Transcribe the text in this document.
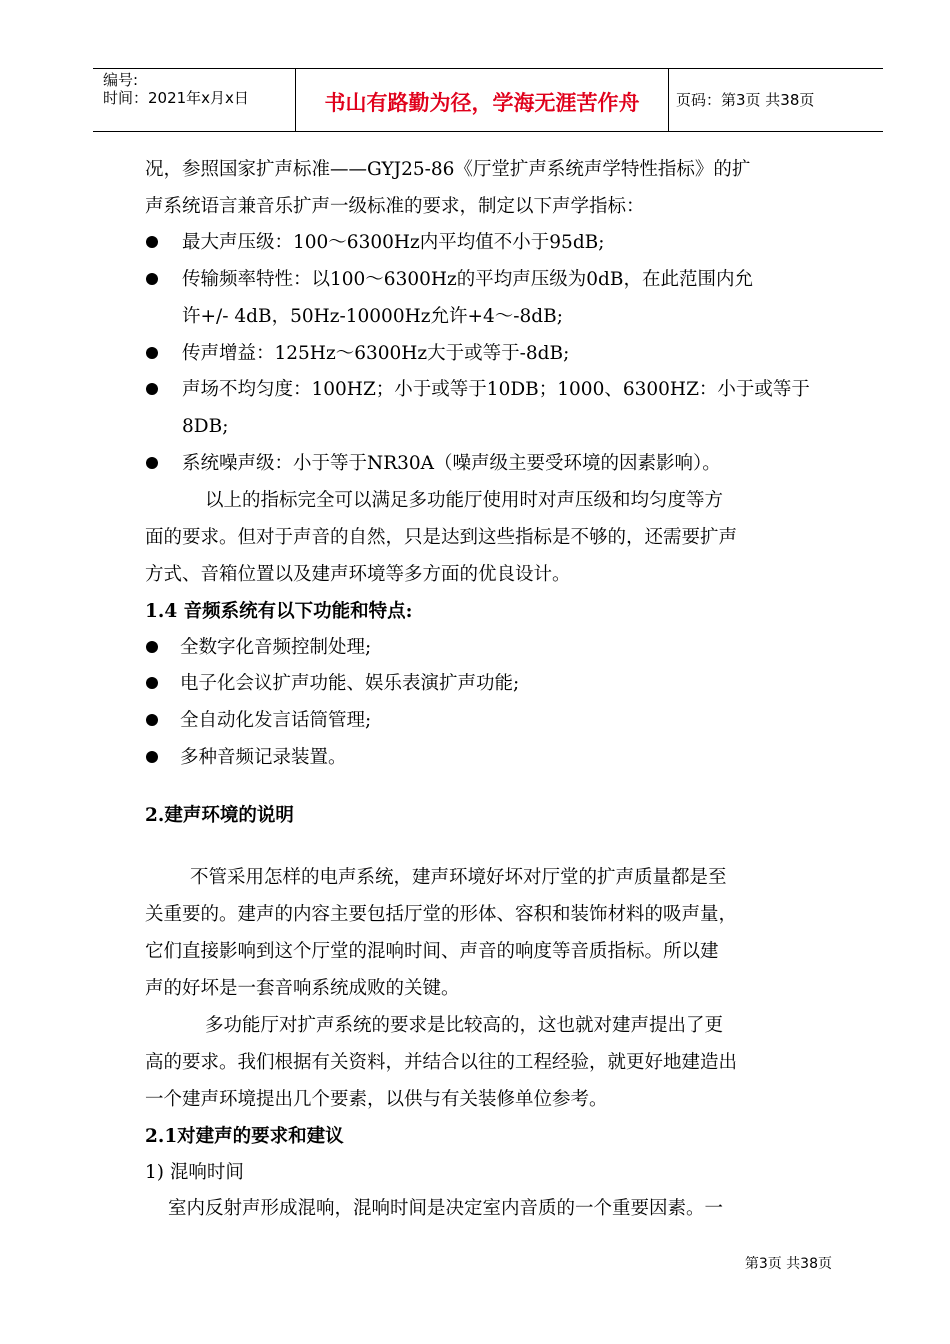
编号:
时间：2021年x月x日	书山有路勤为径，学海无涯苦作舟	页码：第3页 共38页
况，参照国家扩声标准——GYJ25-86《厅堂扩声系统声学特性指标》的扩
声系统语言兼音乐扩声一级标准的要求，制定以下声学指标：
最大声压级：100～6300Hz内平均值不小于95dB;
传输频率特性：以100～6300Hz的平均声压级为0dB，在此范围内允
许+/- 4dB，50Hz-10000Hz允许+4～-8dB;
传声增益：125Hz～6300Hz大于或等于-8dB;
声场不均匀度：100HZ；小于或等于10DB；1000、6300HZ：小于或等于
8DB;
系统噪声级：小于等于NR30A（噪声级主要受环境的因素影响）。
以上的指标完全可以满足多功能厅使用时对声压级和均匀度等方
面的要求。但对于声音的自然，只是达到这些指标是不够的，还需要扩声
方式、音箱位置以及建声环境等多方面的优良设计。
1.4 音频系统有以下功能和特点:
全数字化音频控制处理;
电子化会议扩声功能、娱乐表演扩声功能;
全自动化发言话筒管理;
多种音频记录装置。
2.建声环境的说明
不管采用怎样的电声系统，建声环境好坏对厅堂的扩声质量都是至
关重要的。建声的内容主要包括厅堂的形体、容积和装饰材料的吸声量，
它们直接影响到这个厅堂的混响时间、声音的响度等音质指标。所以建
声的好坏是一套音响系统成败的关键。
多功能厅对扩声系统的要求是比较高的，这也就对建声提出了更
高的要求。我们根据有关资料，并结合以往的工程经验，就更好地建造出
一个建声环境提出几个要素，以供与有关装修单位参考。
2.1对建声的要求和建议
1) 混响时间
室内反射声形成混响，混响时间是决定室内音质的一个重要因素。一
第3页 共38页
